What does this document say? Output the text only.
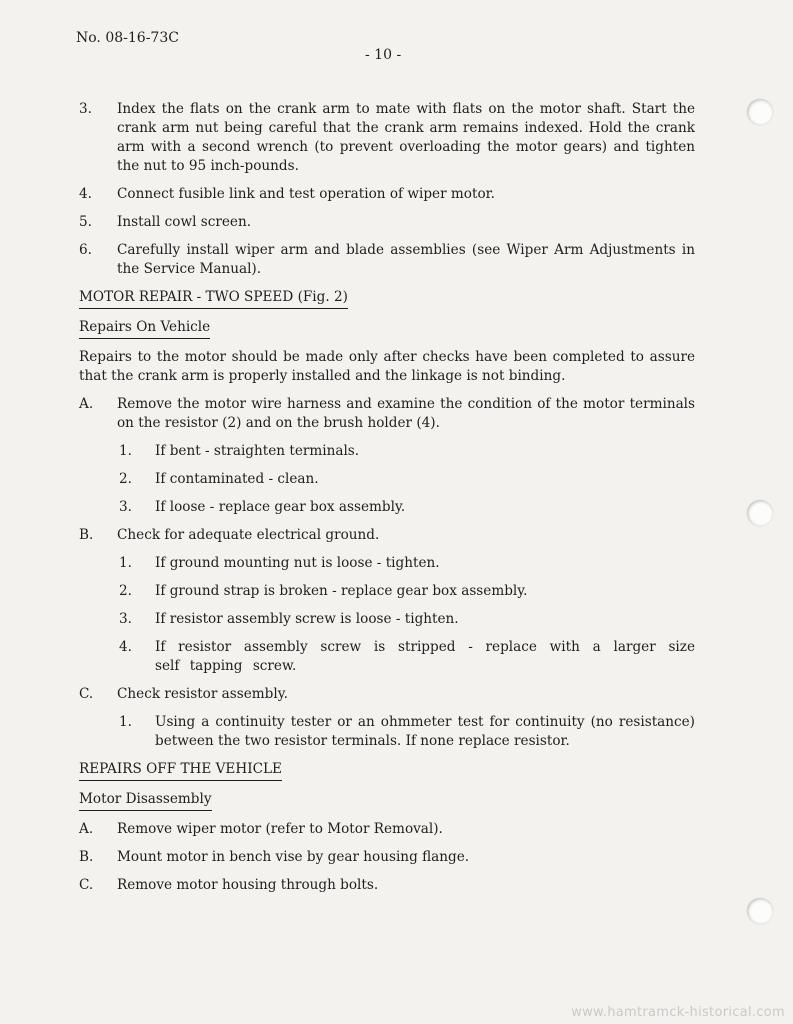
No. 08-16-73C
- 10 -
3. Index the flats on the crank arm to mate with flats on the motor shaft. Start the crank arm nut being careful that the crank arm remains indexed. Hold the crank arm with a second wrench (to prevent overloading the motor gears) and tighten the nut to 95 inch-pounds.
4. Connect fusible link and test operation of wiper motor.
5. Install cowl screen.
6. Carefully install wiper arm and blade assemblies (see Wiper Arm Adjustments in the Service Manual).
MOTOR REPAIR - TWO SPEED (Fig. 2)
Repairs On Vehicle
Repairs to the motor should be made only after checks have been completed to assure that the crank arm is properly installed and the linkage is not binding.
A. Remove the motor wire harness and examine the condition of the motor terminals on the resistor (2) and on the brush holder (4).
1. If bent - straighten terminals.
2. If contaminated - clean.
3. If loose - replace gear box assembly.
B. Check for adequate electrical ground.
1. If ground mounting nut is loose - tighten.
2. If ground strap is broken - replace gear box assembly.
3. If resistor assembly screw is loose - tighten.
4. If resistor assembly screw is stripped - replace with a larger size self tapping screw.
C. Check resistor assembly.
1. Using a continuity tester or an ohmmeter test for continuity (no resistance) between the two resistor terminals. If none replace resistor.
REPAIRS OFF THE VEHICLE
Motor Disassembly
A. Remove wiper motor (refer to Motor Removal).
B. Mount motor in bench vise by gear housing flange.
C. Remove motor housing through bolts.
www.hamtramck-historical.com
